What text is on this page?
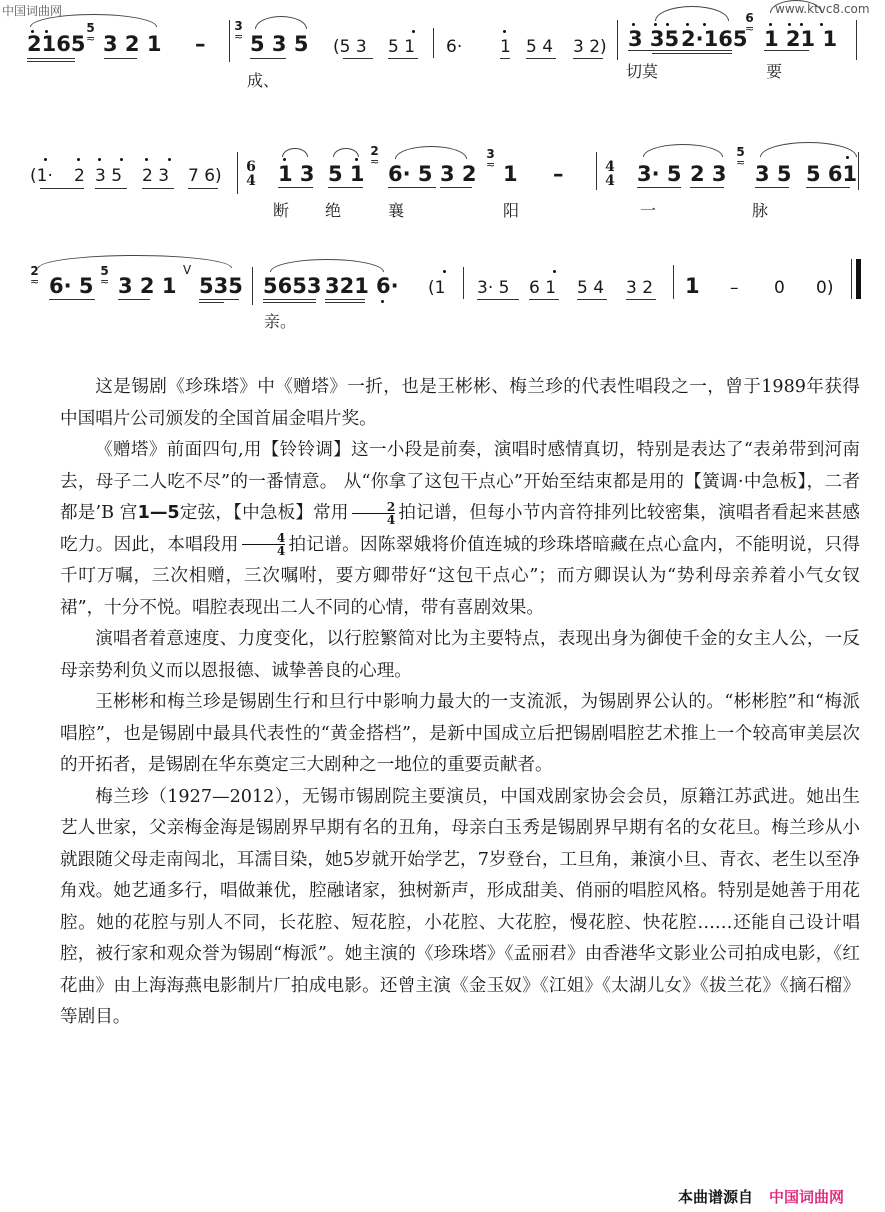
中国词曲网	www.ktvc8.com
2165
5
≂ 3 2 1 –
3
≂ 5 3 5 (5 3 5 1 6· 1 5 4 3 2) 3 35 2·165
6
≂ 1 21 1
成、	切莫	要
(1· 2 3 5 2 3 7 6) 6
4 1 3 5 1
2
≂
6· 5 3 2
3
≂ 1 –	4
4 3· 5 2 3
5
≂ 3 5 5 61
断 绝	襄	阳	一	脉
2
≂ 6· 5
5
≂ 3 2 1
V
535 5653 321 6· (1 3· 5 6 1 5 4 3 2 1 – 0 0)
亲。

这是锡剧《珍珠塔》中《赠塔》一折，也是王彬彬、梅兰珍的代表性唱段之一，曾于1989年获得中国唱片公司颁发的全国首届金唱片奖。

《赠塔》前面四句,用【铃铃调】这一小段是前奏，演唱时感情真切，特别是表达了“表弟带到河南去，母子二人吃不尽”的一番情意。 从“你拿了这包干点心”开始至结束都是用的【簧调·中急板】，二者都是’B 宫1—5定弦，【中急板】常用 $\frac{2}{4}$ 拍记谱，但每小节内音符排列比较密集，演唱者看起来甚感吃力。因此，本唱段用 $\frac{4}{4}$ 拍记谱。因陈翠娥将价值连城的珍珠塔暗藏在点心盒内，不能明说，只得千叮万嘱，三次相赠，三次嘱咐，要方卿带好“这包干点心”；而方卿误认为“势利母亲养着小气女钗裙”，十分不悦。唱腔表现出二人不同的心情，带有喜剧效果。

演唱者着意速度、力度变化，以行腔繁简对比为主要特点，表现出身为御使千金的女主人公，一反母亲势利负义而以恩报德、诚挚善良的心理。

王彬彬和梅兰珍是锡剧生行和旦行中影响力最大的一支流派，为锡剧界公认的。“彬彬腔”和“梅派唱腔”，也是锡剧中最具代表性的“黄金搭档”，是新中国成立后把锡剧唱腔艺术推上一个较高审美层次的开拓者，是锡剧在华东奠定三大剧种之一地位的重要贡献者。

梅兰珍（1927—2012），无锡市锡剧院主要演员，中国戏剧家协会会员，原籍江苏武进。她出生艺人世家，父亲梅金海是锡剧界早期有名的丑角，母亲白玉秀是锡剧界早期有名的女花旦。梅兰珍从小就跟随父母走南闯北，耳濡目染，她5岁就开始学艺，7岁登台，工旦角，兼演小旦、青衣、老生以至净角戏。她艺通多行，唱做兼优，腔融诸家，独树新声，形成甜美、俏丽的唱腔风格。特别是她善于用花腔。她的花腔与别人不同，长花腔、短花腔，小花腔、大花腔，慢花腔、快花腔……还能自己设计唱腔，被行家和观众誉为锡剧“梅派”。她主演的《珍珠塔》《孟丽君》由香港华文影业公司拍成电影，《红花曲》由上海海燕电影制片厂拍成电影。还曾主演《金玉奴》《江姐》《太湖儿女》《拔兰花》《摘石榴》等剧目。

本曲谱源自 中国词曲网
